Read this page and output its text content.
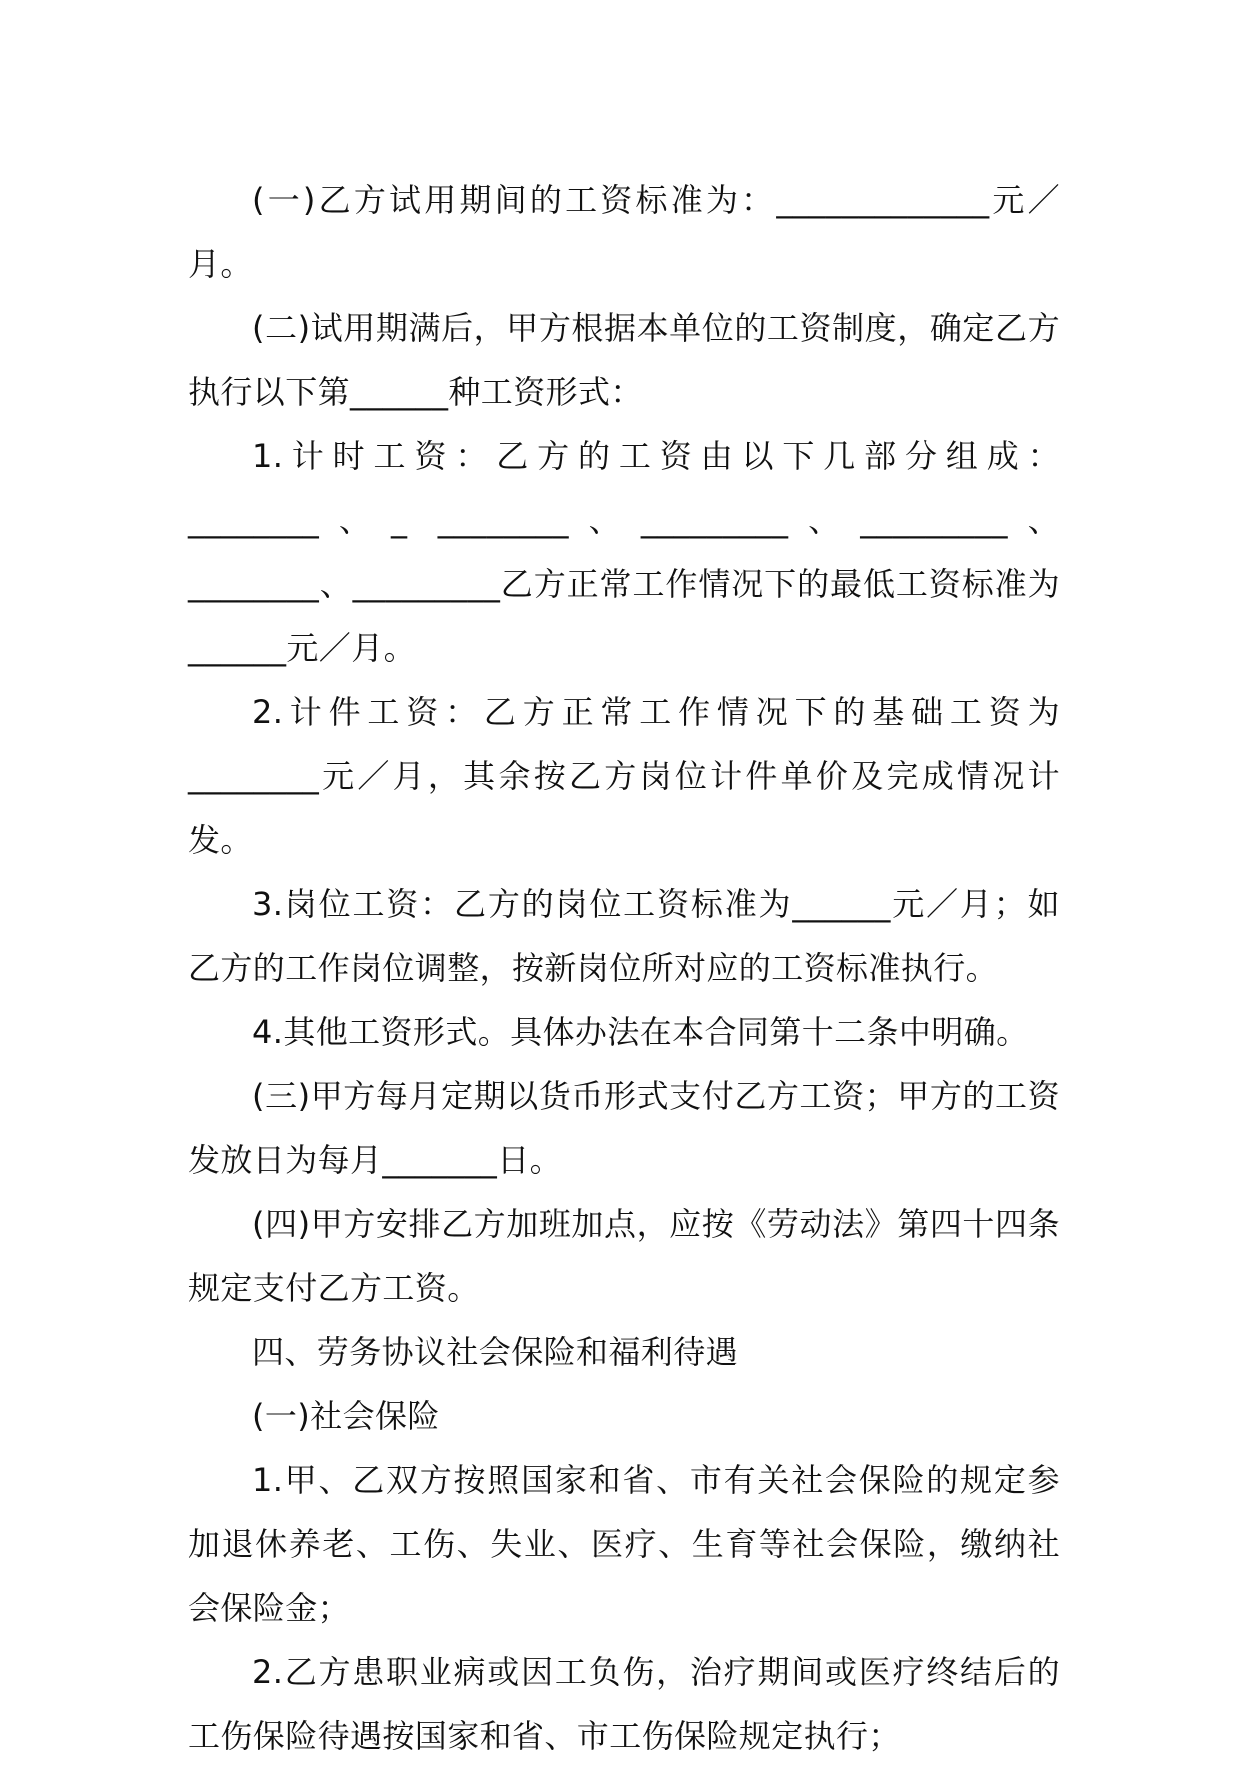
(一)乙方试用期间的工资标准为：_____________元／月。

(二)试用期满后，甲方根据本单位的工资制度，确定乙方执行以下第______种工资形式：

1.计时工资：乙方的工资由以下几部分组成：________、_ ________、_________、_________、________、_________乙方正常工作情况下的最低工资标准为______元／月。

2.计件工资：乙方正常工作情况下的基础工资为________元／月，其余按乙方岗位计件单价及完成情况计发。

3.岗位工资：乙方的岗位工资标准为______元／月；如乙方的工作岗位调整，按新岗位所对应的工资标准执行。

4.其他工资形式。具体办法在本合同第十二条中明确。

(三)甲方每月定期以货币形式支付乙方工资；甲方的工资发放日为每月_______日。

(四)甲方安排乙方加班加点，应按《劳动法》第四十四条规定支付乙方工资。

四、劳务协议社会保险和福利待遇

(一)社会保险

1.甲、乙双方按照国家和省、市有关社会保险的规定参加退休养老、工伤、失业、医疗、生育等社会保险，缴纳社会保险金；

2.乙方患职业病或因工负伤，治疗期间或医疗终结后的工伤保险待遇按国家和省、市工伤保险规定执行；
